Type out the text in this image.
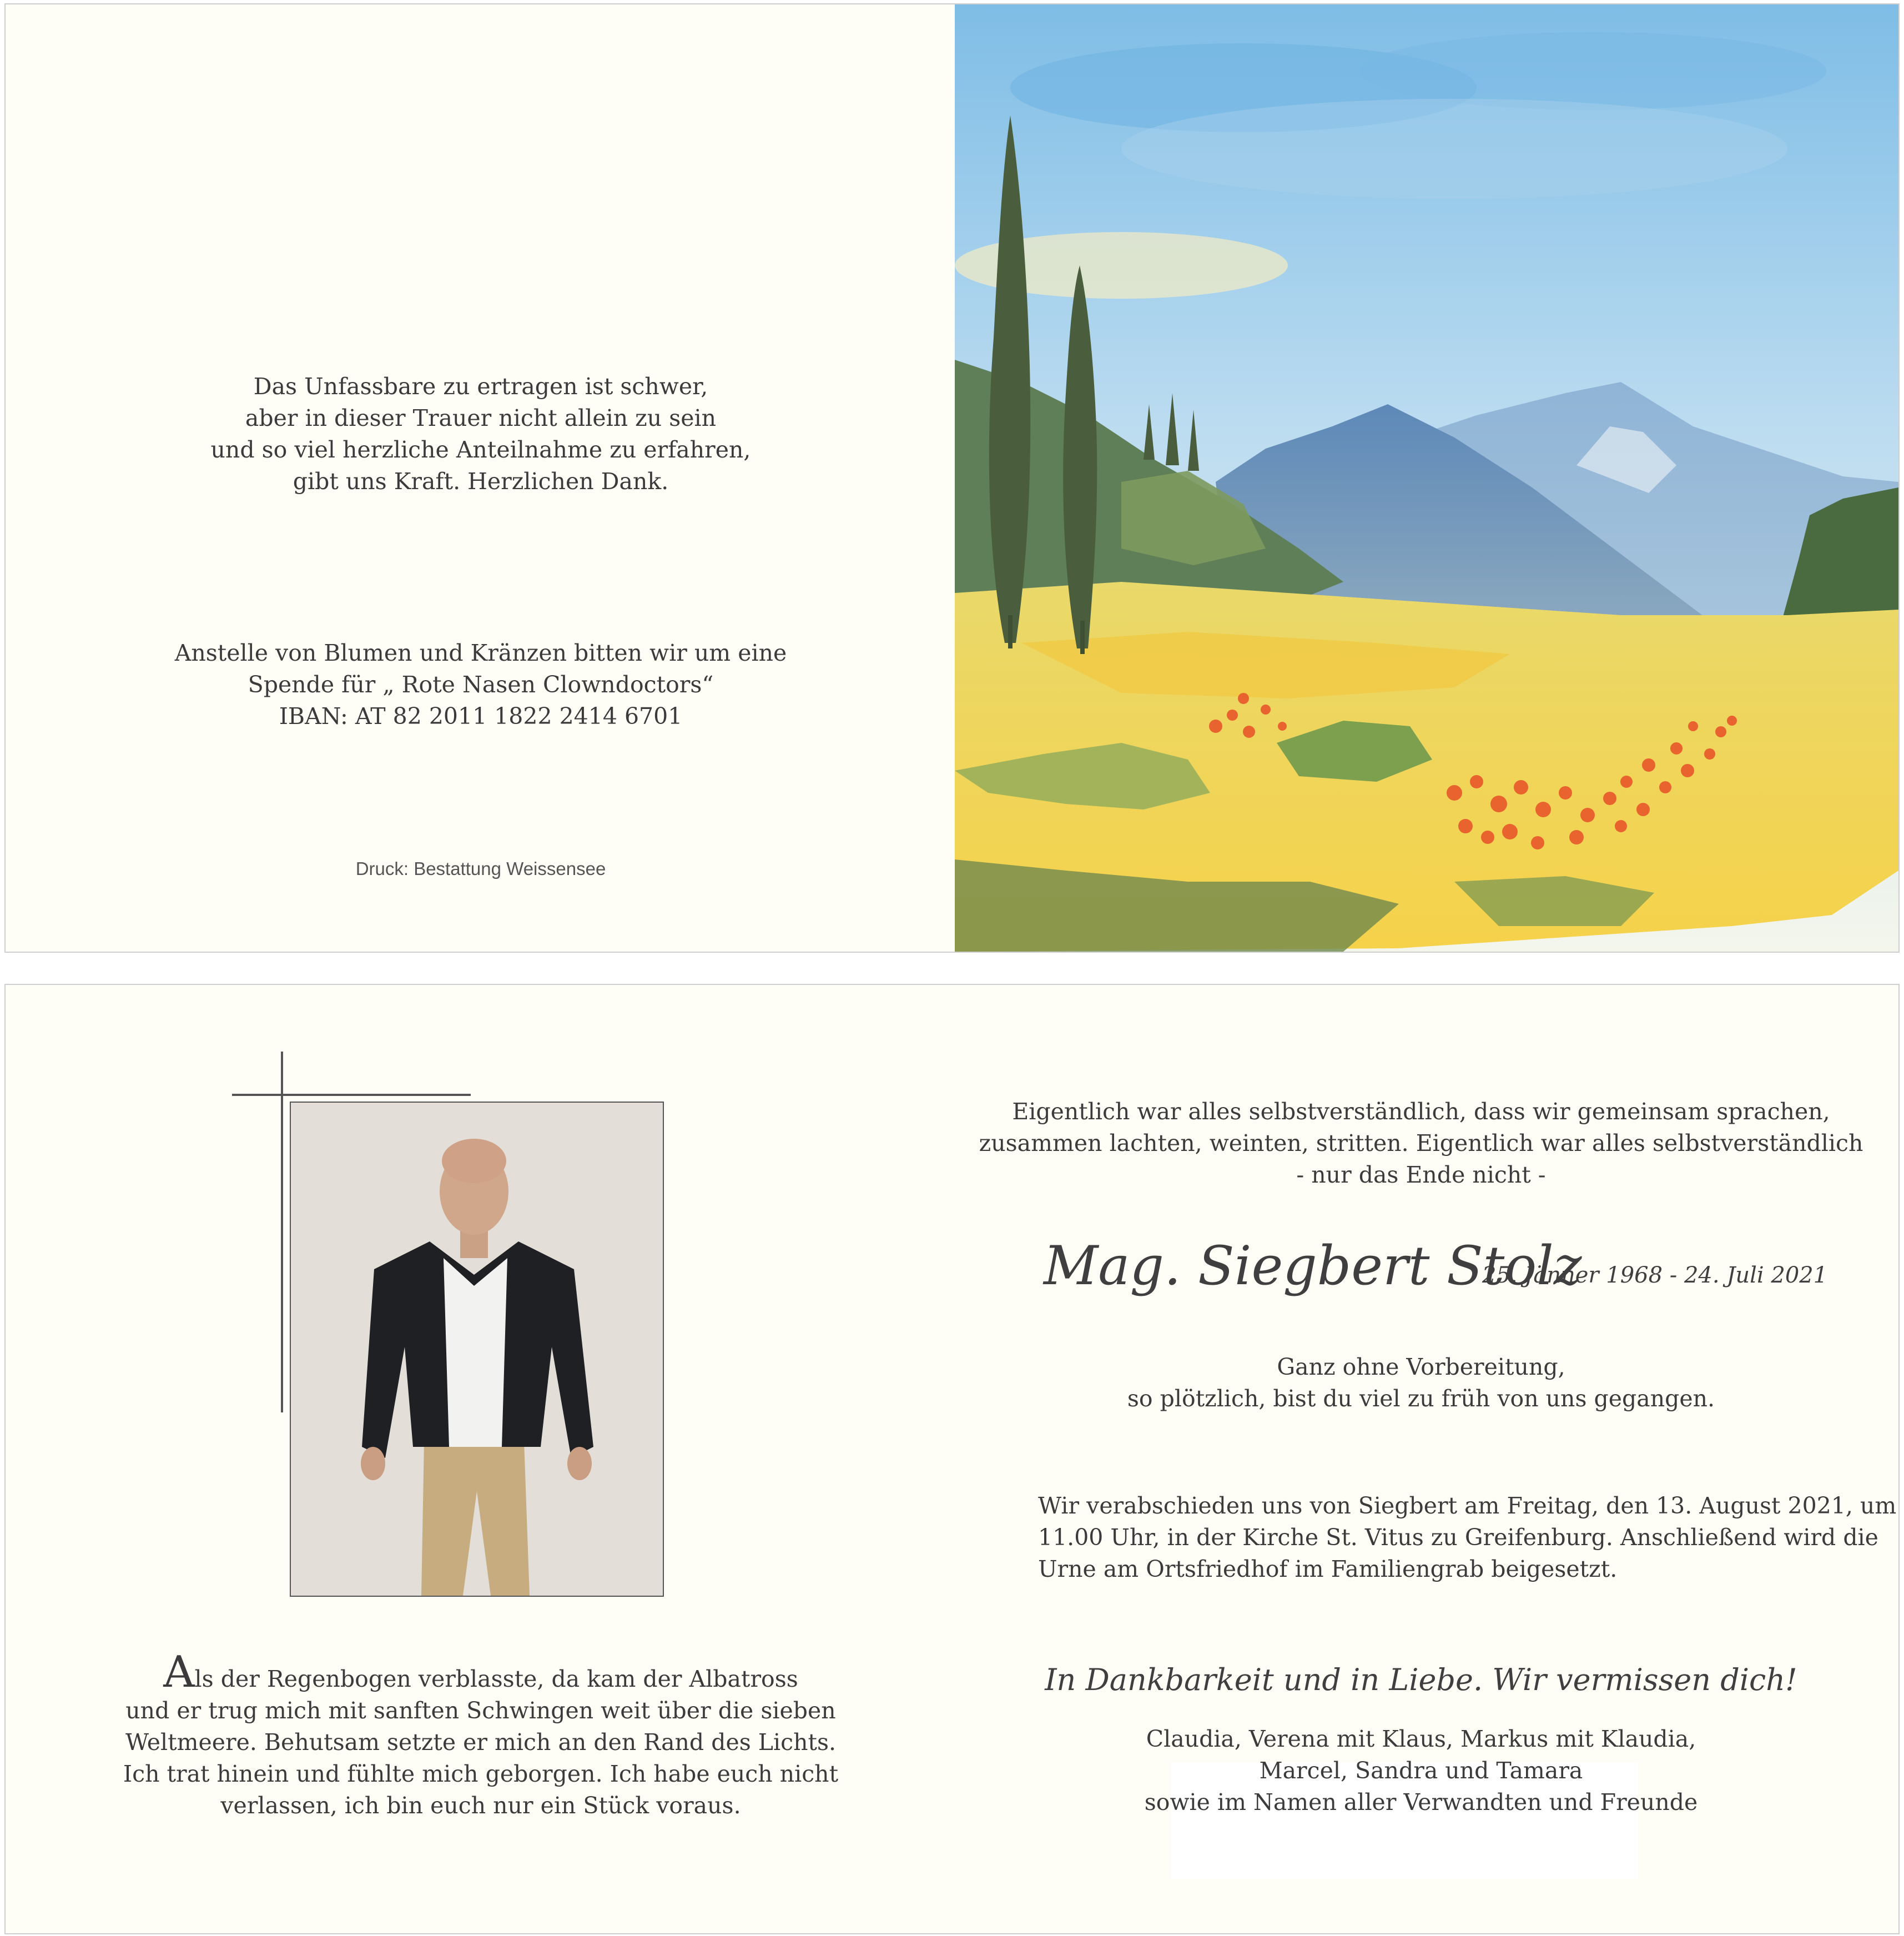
Das Unfassbare zu ertragen ist schwer,
aber in dieser Trauer nicht allein zu sein
und so viel herzliche Anteilnahme zu erfahren,
gibt uns Kraft. Herzlichen Dank.
Anstelle von Blumen und Kränzen bitten wir um eine
Spende für „ Rote Nasen Clowndoctors“
IBAN: AT 82 2011 1822 2414 6701
Druck: Bestattung Weissensee
Eigentlich war alles selbstverständlich, dass wir gemeinsam sprachen,
zusammen lachten, weinten, stritten. Eigentlich war alles selbstverständlich
- nur das Ende nicht -
Mag. Siegbert Stolz
25. Jänner 1968 - 24. Juli 2021
Ganz ohne Vorbereitung,
so plötzlich, bist du viel zu früh von uns gegangen.
Wir verabschieden uns von Siegbert am Freitag, den 13. August 2021, um
11.00 Uhr, in der Kirche St. Vitus zu Greifenburg. Anschließend wird die
Urne am Ortsfriedhof im Familiengrab beigesetzt.
In Dankbarkeit und in Liebe. Wir vermissen dich!
Claudia, Verena mit Klaus, Markus mit Klaudia,
Marcel, Sandra und Tamara
sowie im Namen aller Verwandten und Freunde
Als der Regenbogen verblasste, da kam der Albatross
und er trug mich mit sanften Schwingen weit über die sieben
Weltmeere. Behutsam setzte er mich an den Rand des Lichts.
Ich trat hinein und fühlte mich geborgen. Ich habe euch nicht
verlassen, ich bin euch nur ein Stück voraus.
